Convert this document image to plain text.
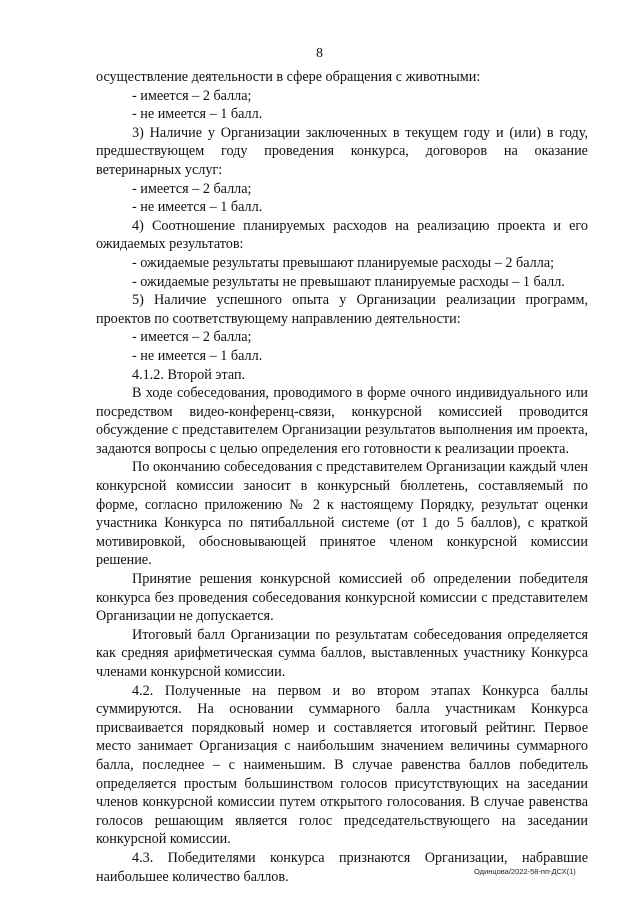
8

осуществление деятельности в сфере обращения с животными:

- имеется – 2 балла;

- не имеется – 1 балл.

3) Наличие у Организации заключенных в текущем году и (или) в году, предшествующем году проведения конкурса, договоров на оказание ветеринарных услуг:

- имеется – 2 балла;

- не имеется – 1 балл.

4) Соотношение планируемых расходов на реализацию проекта и его ожидаемых результатов:

- ожидаемые результаты превышают планируемые расходы – 2 балла;

- ожидаемые результаты не превышают планируемые расходы – 1 балл.

5) Наличие успешного опыта у Организации реализации программ, проектов по соответствующему направлению деятельности:

- имеется – 2 балла;

- не имеется – 1 балл.

4.1.2. Второй этап.

В ходе собеседования, проводимого в форме очного индивидуального или посредством видео-конференц-связи, конкурсной комиссией проводится обсуждение с представителем Организации результатов выполнения им проекта, задаются вопросы с целью определения его готовности к реализации проекта.

По окончанию собеседования с представителем Организации каждый член конкурсной комиссии заносит в конкурсный бюллетень, составляемый по форме, согласно приложению № 2 к настоящему Порядку, результат оценки участника Конкурса по пятибалльной системе (от 1 до 5 баллов), с краткой мотивировкой, обосновывающей принятое членом конкурсной комиссии решение.

Принятие решения конкурсной комиссией об определении победителя конкурса без проведения собеседования конкурсной комиссии с представителем Организации не допускается.

Итоговый балл Организации по результатам собеседования определяется как средняя арифметическая сумма баллов, выставленных участнику Конкурса членами конкурсной комиссии.

4.2. Полученные на первом и во втором этапах Конкурса баллы суммируются. На основании суммарного балла участникам Конкурса присваивается порядковый номер и составляется итоговый рейтинг. Первое место занимает Организация с наибольшим значением величины суммарного балла, последнее – с наименьшим. В случае равенства баллов победитель определяется простым большинством голосов присутствующих на заседании членов конкурсной комиссии путем открытого голосования. В случае равенства голосов решающим является голос председательствующего на заседании конкурсной комиссии.

4.3. Победителями конкурса признаются Организации, набравшие наибольшее количество баллов.	Одинцова/2022-58-пп-ДСХ(1)
